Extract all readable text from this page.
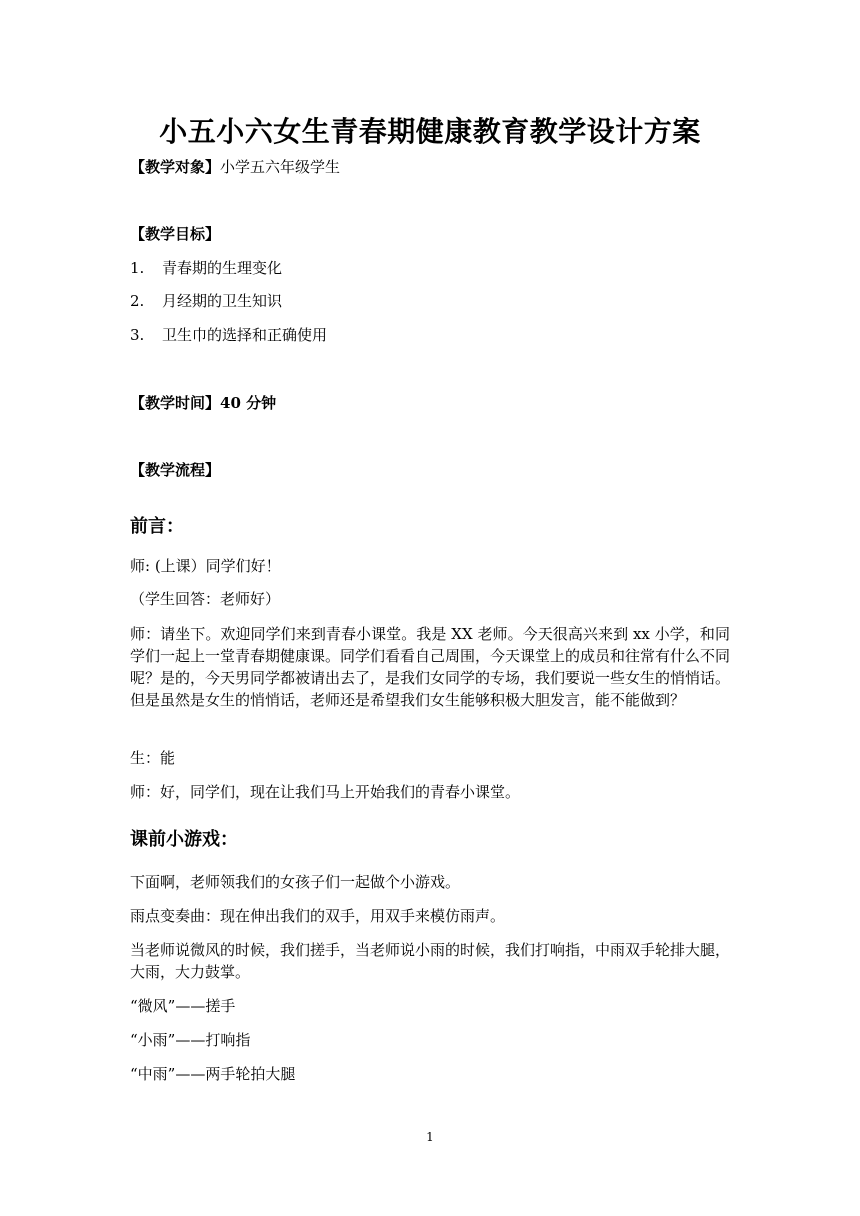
小五小六女生青春期健康教育教学设计方案
【教学对象】小学五六年级学生
【教学目标】
1. 青春期的生理变化
2. 月经期的卫生知识
3. 卫生巾的选择和正确使用
【教学时间】40 分钟
【教学流程】
前言：
师: (上课）同学们好！
（学生回答：老师好）
师：请坐下。欢迎同学们来到青春小课堂。我是 XX 老师。今天很高兴来到 xx 小学，和同学们一起上一堂青春期健康课。同学们看看自己周围，今天课堂上的成员和往常有什么不同呢？是的，今天男同学都被请出去了，是我们女同学的专场，我们要说一些女生的悄悄话。但是虽然是女生的悄悄话，老师还是希望我们女生能够积极大胆发言，能不能做到？
生：能
师：好，同学们，现在让我们马上开始我们的青春小课堂。
课前小游戏：
下面啊，老师领我们的女孩子们一起做个小游戏。
雨点变奏曲：现在伸出我们的双手，用双手来模仿雨声。
当老师说微风的时候，我们搓手，当老师说小雨的时候，我们打响指，中雨双手轮排大腿，大雨，大力鼓掌。
“微风”——搓手
“小雨”——打响指
“中雨”——两手轮拍大腿
1
